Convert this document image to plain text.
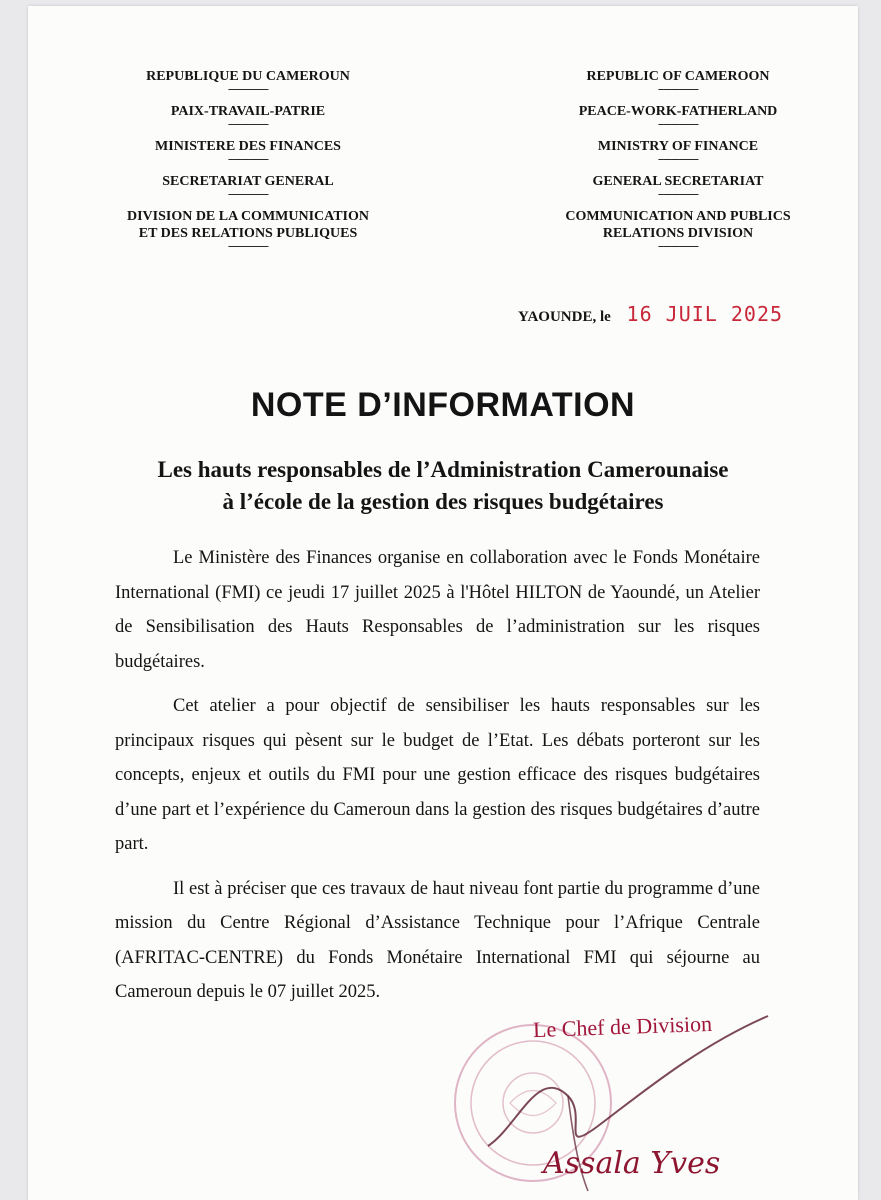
REPUBLIQUE DU CAMEROUN
---------------
PAIX-TRAVAIL-PATRIE
---------------
MINISTERE DES FINANCES
---------------
SECRETARIAT GENERAL
---------------
DIVISION DE LA COMMUNICATION
ET DES RELATIONS PUBLIQUES
---------------
REPUBLIC OF CAMEROON
---------------
PEACE-WORK-FATHERLAND
---------------
MINISTRY OF FINANCE
---------------
GENERAL SECRETARIAT
---------------
COMMUNICATION AND PUBLICS
RELATIONS DIVISION
---------------
YAOUNDE, le 16 JUIL 2025
NOTE D’INFORMATION
Les hauts responsables de l’Administration Camerounaise
à l’école de la gestion des risques budgétaires

Le Ministère des Finances organise en collaboration avec le Fonds Monétaire International (FMI) ce jeudi 17 juillet 2025 à l'Hôtel HILTON de Yaoundé, un Atelier de Sensibilisation des Hauts Responsables de l’administration sur les risques budgétaires.

Cet atelier a pour objectif de sensibiliser les hauts responsables sur les principaux risques qui pèsent sur le budget de l’Etat. Les débats porteront sur les concepts, enjeux et outils du FMI pour une gestion efficace des risques budgétaires d’une part et l’expérience du Cameroun dans la gestion des risques budgétaires d’autre part.

Il est à préciser que ces travaux de haut niveau font partie du programme d’une mission du Centre Régional d’Assistance Technique pour l’Afrique Centrale (AFRITAC-CENTRE) du Fonds Monétaire International FMI qui séjourne au Cameroun depuis le 07 juillet 2025.

Le Chef de Division
Assala Yves
